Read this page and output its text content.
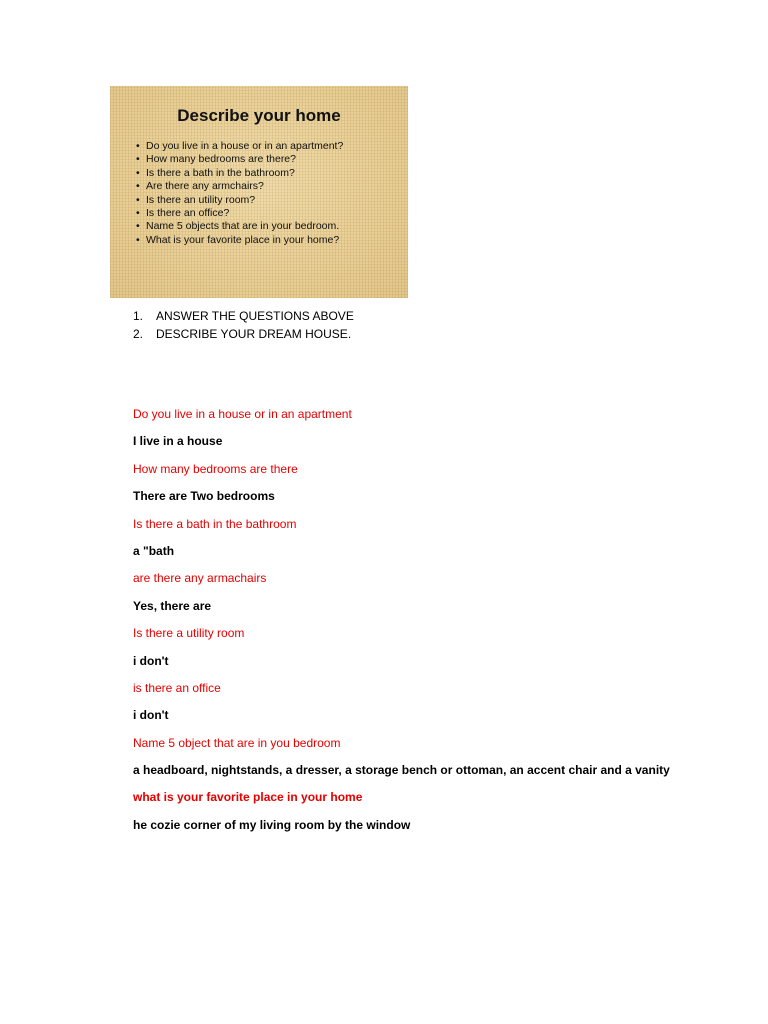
Describe your home
• Do you live in a house or in an apartment?
• How many bedrooms are there?
• Is there a bath in the bathroom?
• Are there any armchairs?
• Is there an utility room?
• Is there an office?
• Name 5 objects that are in your bedroom.
• What is your favorite place in your home?
1. ANSWER THE QUESTIONS ABOVE
2. DESCRIBE YOUR DREAM HOUSE.
Do you live in a house or in an apartment
I live in a house
How many bedrooms are there
There are Two bedrooms
Is there a bath in the bathroom
a "bath
are there any armachairs
Yes, there are
Is there a utility room
i don't
is there an office
i don't
Name 5 object that are in you bedroom
a headboard, nightstands, a dresser, a storage bench or ottoman, an accent chair and a vanity
what is your favorite place in your home
he cozie corner of my living room by the window
